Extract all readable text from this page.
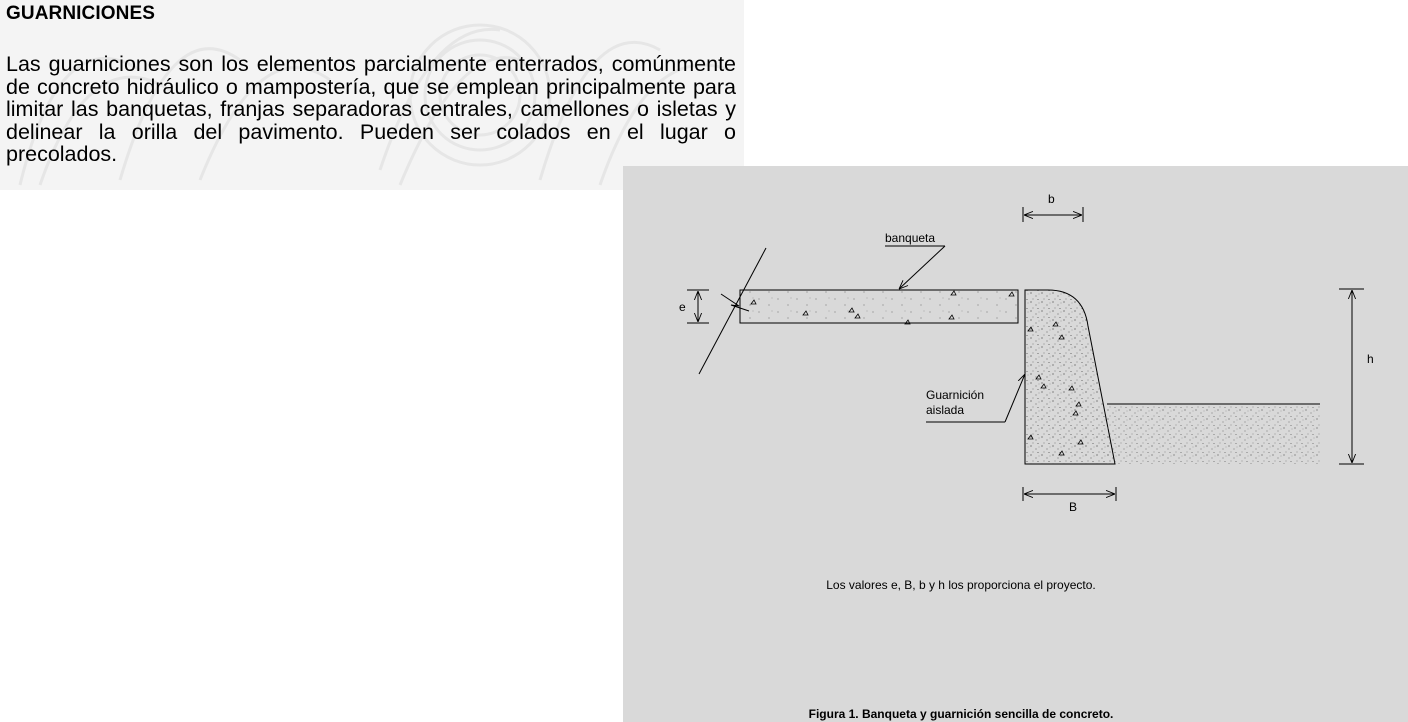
GUARNICIONES

Las guarniciones son los elementos parcialmente enterrados, comúnmente de concreto hidráulico o mampostería, que se emplean principalmente para limitar las banquetas, franjas separadoras centrales, camellones o isletas y delinear la orilla del pavimento. Pueden ser colados en el lugar o precolados.

e
b
banqueta
h
Guarnición
aislada
B

Los valores e, B, b y h los proporciona el proyecto.

Figura 1. Banqueta y guarnición sencilla de concreto.
